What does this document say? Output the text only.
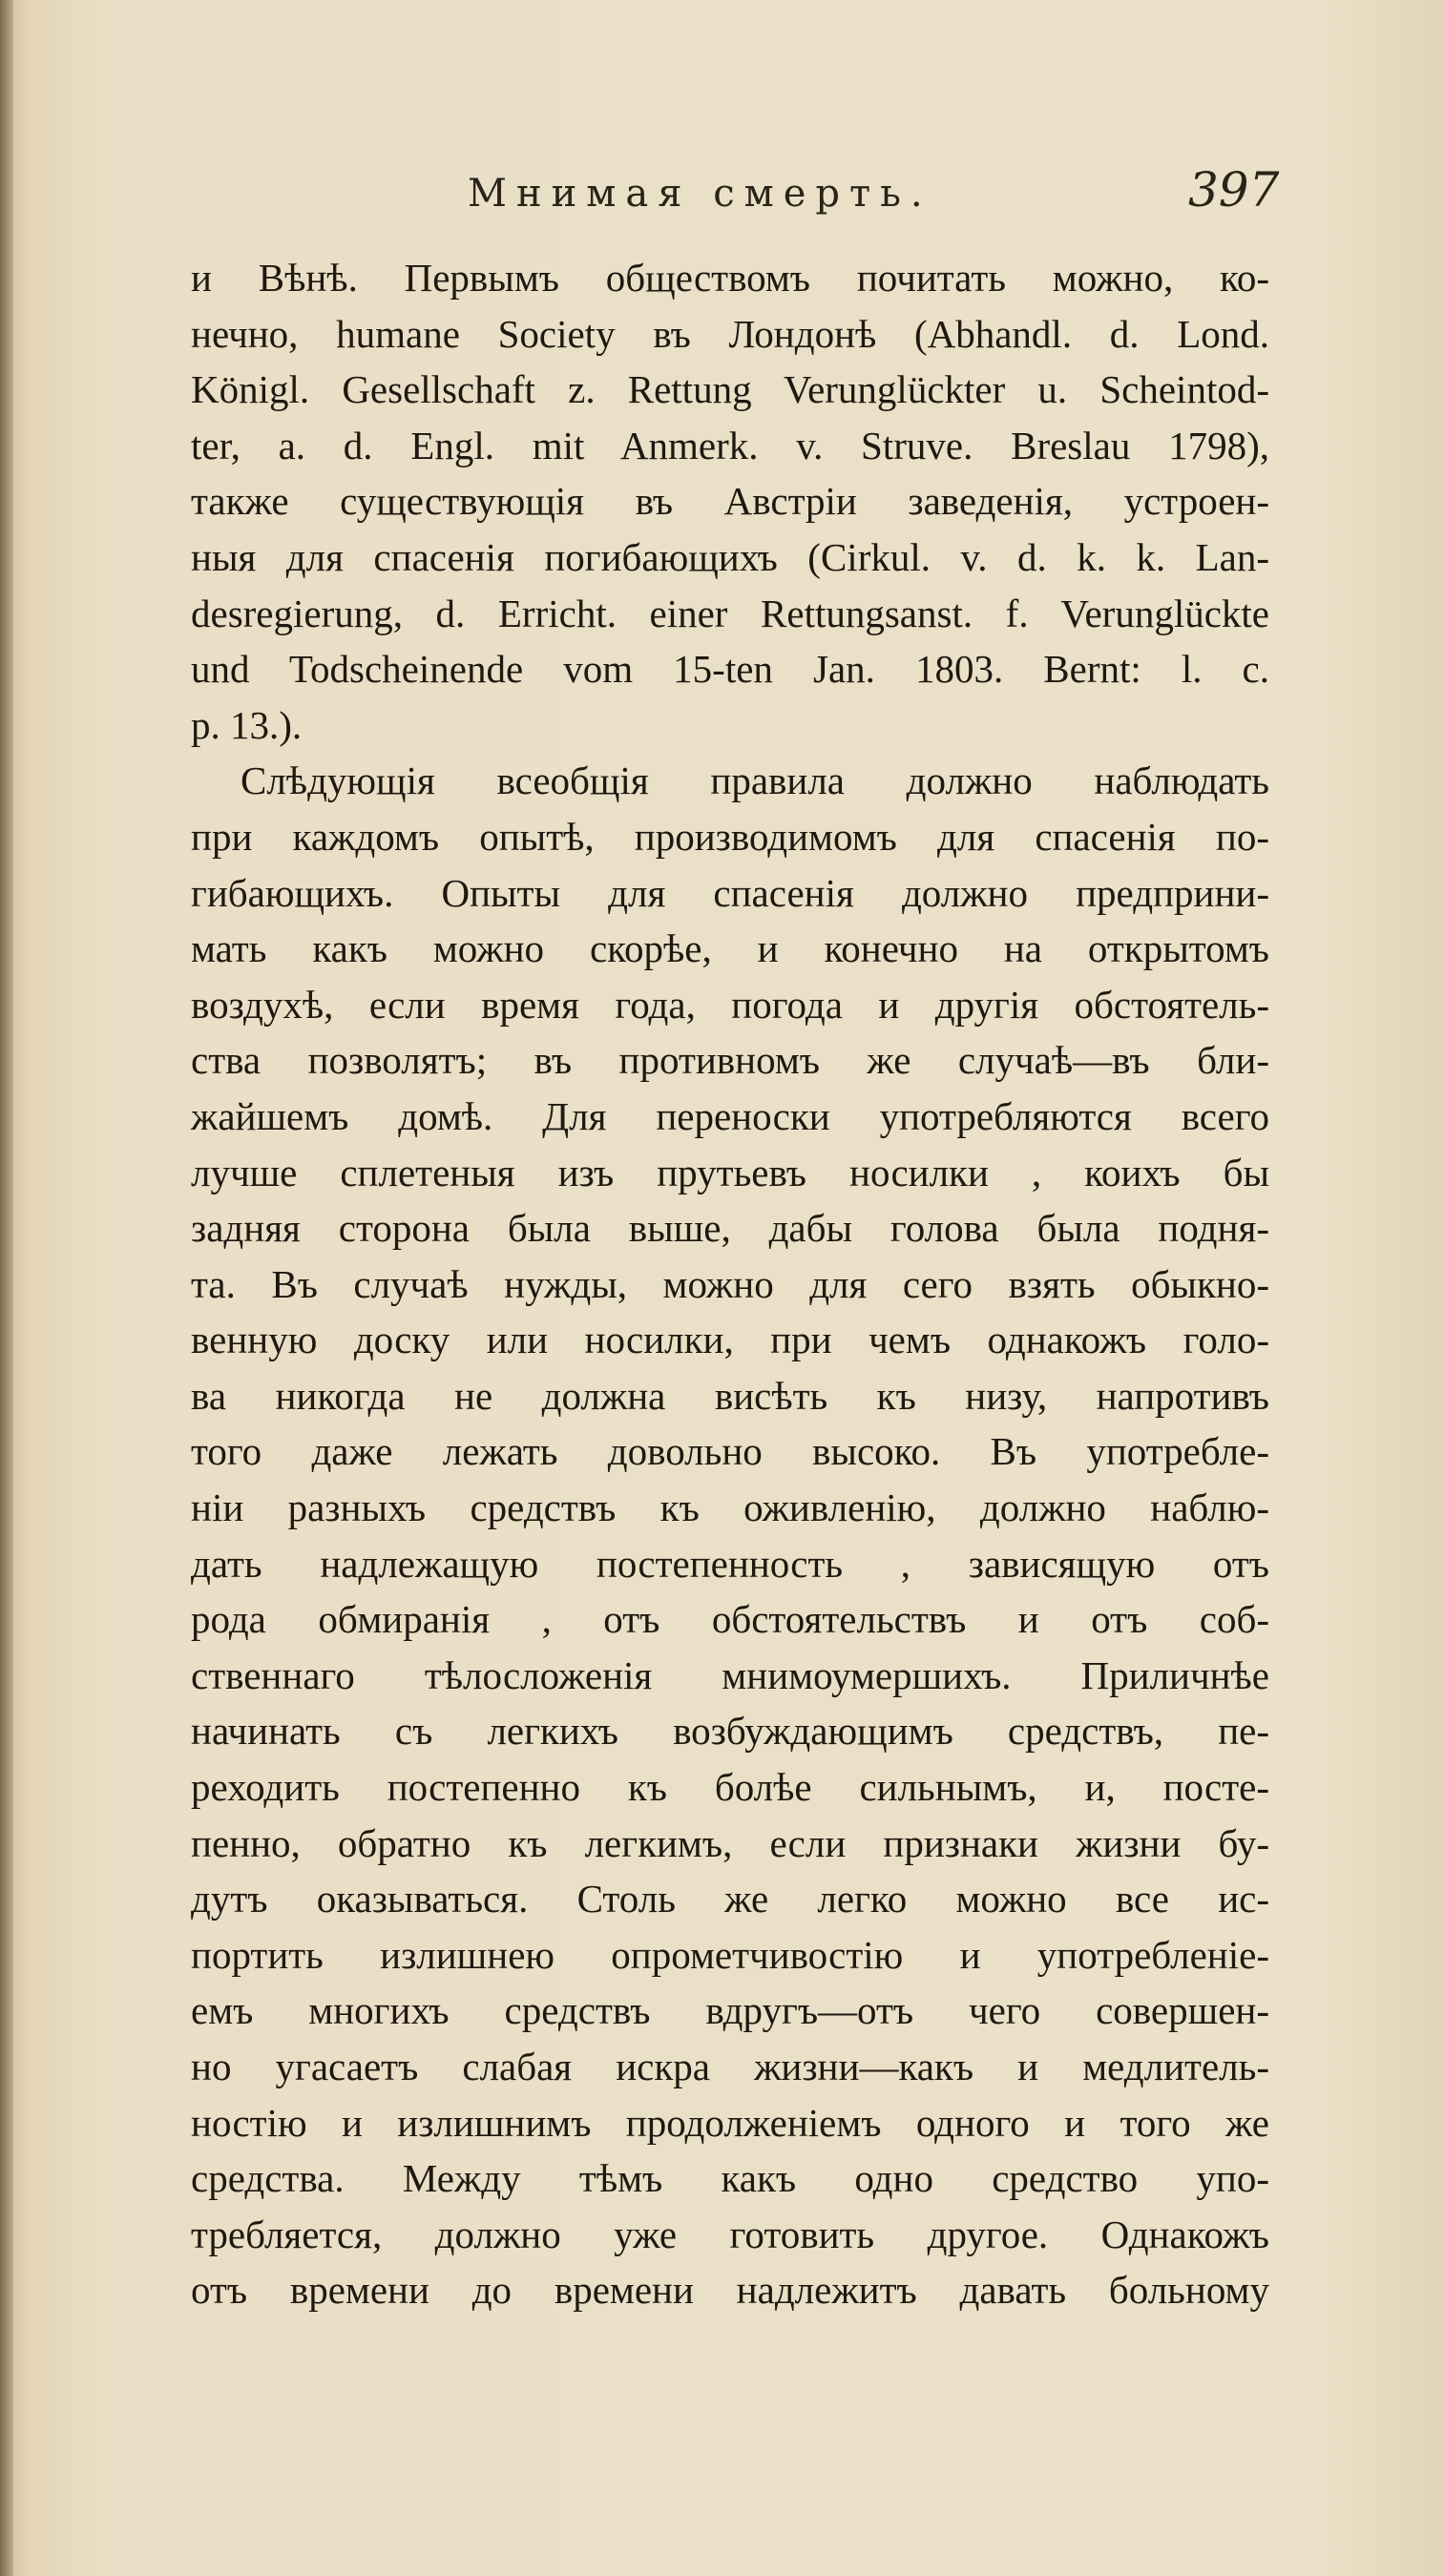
Мнимая смерть.	397
и Вѣнѣ. Первымъ обществомъ почитать можно, ко-
нечно, humane Society въ Лондонѣ (Abhandl. d. Lond.
Königl. Gesellschaft z. Rettung Verunglückter u. Scheintod-
ter, a. d. Engl. mit Anmerk. v. Struve. Breslau 1798),
также существующія въ Австріи заведенія, устроен-
ныя для спасенія погибающихъ (Cirkul. v. d. k. k. Lan-
desregierung, d. Erricht. einer Rettungsanst. f. Verunglückte
und Todscheinende vom 15-ten Jan. 1803. Bernt: l. c.
p. 13.).
Слѣдующія всеобщія правила должно наблюдать
при каждомъ опытѣ, производимомъ для спасенія по-
гибающихъ. Опыты для спасенія должно предприни-
мать какъ можно скорѣе, и конечно на открытомъ
воздухѣ, если время года, погода и другія обстоятель-
ства позволятъ; въ противномъ же случаѣ—въ бли-
жайшемъ домѣ. Для переноски употребляются всего
лучше сплетеныя изъ прутьевъ носилки , коихъ бы
задняя сторона была выше, дабы голова была подня-
та. Въ случаѣ нужды, можно для сего взять обыкно-
венную доску или носилки, при чемъ однакожъ голо-
ва никогда не должна висѣть къ низу, напротивъ
того даже лежать довольно высоко. Въ употребле-
ніи разныхъ средствъ къ оживленію, должно наблю-
дать надлежащую постепенность , зависящую отъ
рода обмиранія , отъ обстоятельствъ и отъ соб-
ственнаго тѣлосложенія мнимоумершихъ. Приличнѣе
начинать съ легкихъ возбуждающимъ средствъ, пе-
реходить постепенно къ болѣе сильнымъ, и, посте-
пенно, обратно къ легкимъ, если признаки жизни бу-
дутъ оказываться. Столь же легко можно все ис-
портить излишнею опрометчивостію и употребленіе-
емъ многихъ средствъ вдругъ—отъ чего совершен-
но угасаетъ слабая искра жизни—какъ и медлитель-
ностію и излишнимъ продолженіемъ одного и того же
средства. Между тѣмъ какъ одно средство упо-
требляется, должно уже готовить другое. Однакожъ
отъ времени до времени надлежитъ давать больному
